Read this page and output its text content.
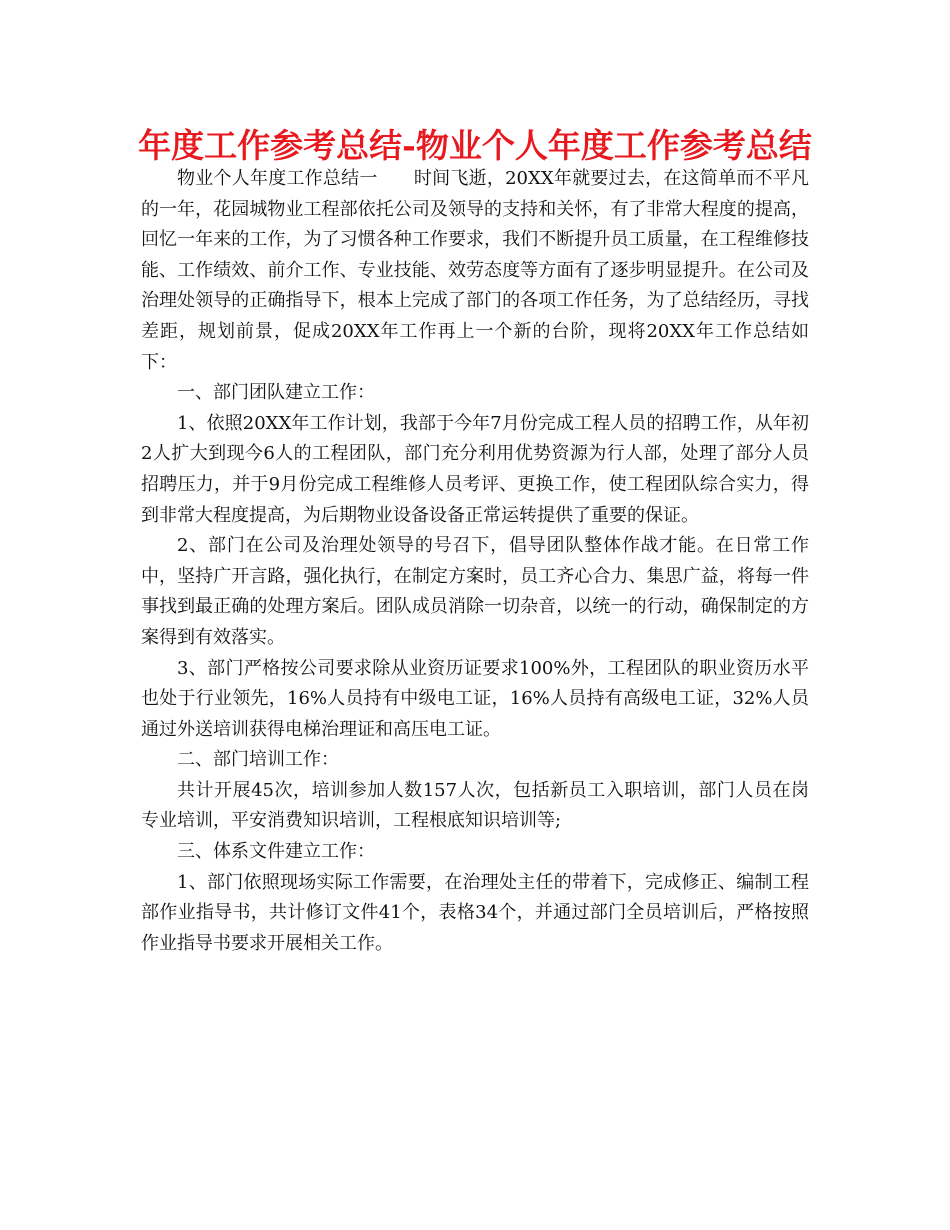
年度工作参考总结-物业个人年度工作参考总结

物业个人年度工作总结一 时间飞逝，20XX年就要过去，在这简单而不平凡的一年，花园城物业工程部依托公司及领导的支持和关怀，有了非常大程度的提高，回忆一年来的工作，为了习惯各种工作要求，我们不断提升员工质量，在工程维修技能、工作绩效、前介工作、专业技能、效劳态度等方面有了逐步明显提升。在公司及治理处领导的正确指导下，根本上完成了部门的各项工作任务，为了总结经历，寻找差距，规划前景，促成20XX年工作再上一个新的台阶，现将20XX年工作总结如下：

一、部门团队建立工作：

1、依照20XX年工作计划，我部于今年7月份完成工程人员的招聘工作，从年初2人扩大到现今6人的工程团队，部门充分利用优势资源为行人部，处理了部分人员招聘压力，并于9月份完成工程维修人员考评、更换工作，使工程团队综合实力，得到非常大程度提高，为后期物业设备设备正常运转提供了重要的保证。

2、部门在公司及治理处领导的号召下，倡导团队整体作战才能。在日常工作中，坚持广开言路，强化执行，在制定方案时，员工齐心合力、集思广益，将每一件事找到最正确的处理方案后。团队成员消除一切杂音，以统一的行动，确保制定的方案得到有效落实。

3、部门严格按公司要求除从业资历证要求100%外，工程团队的职业资历水平也处于行业领先，16%人员持有中级电工证，16%人员持有高级电工证，32%人员通过外送培训获得电梯治理证和高压电工证。

二、部门培训工作：

共计开展45次，培训参加人数157人次，包括新员工入职培训，部门人员在岗专业培训，平安消费知识培训，工程根底知识培训等;

三、体系文件建立工作：

1、部门依照现场实际工作需要，在治理处主任的带着下，完成修正、编制工程部作业指导书，共计修订文件41个，表格34个，并通过部门全员培训后，严格按照作业指导书要求开展相关工作。
